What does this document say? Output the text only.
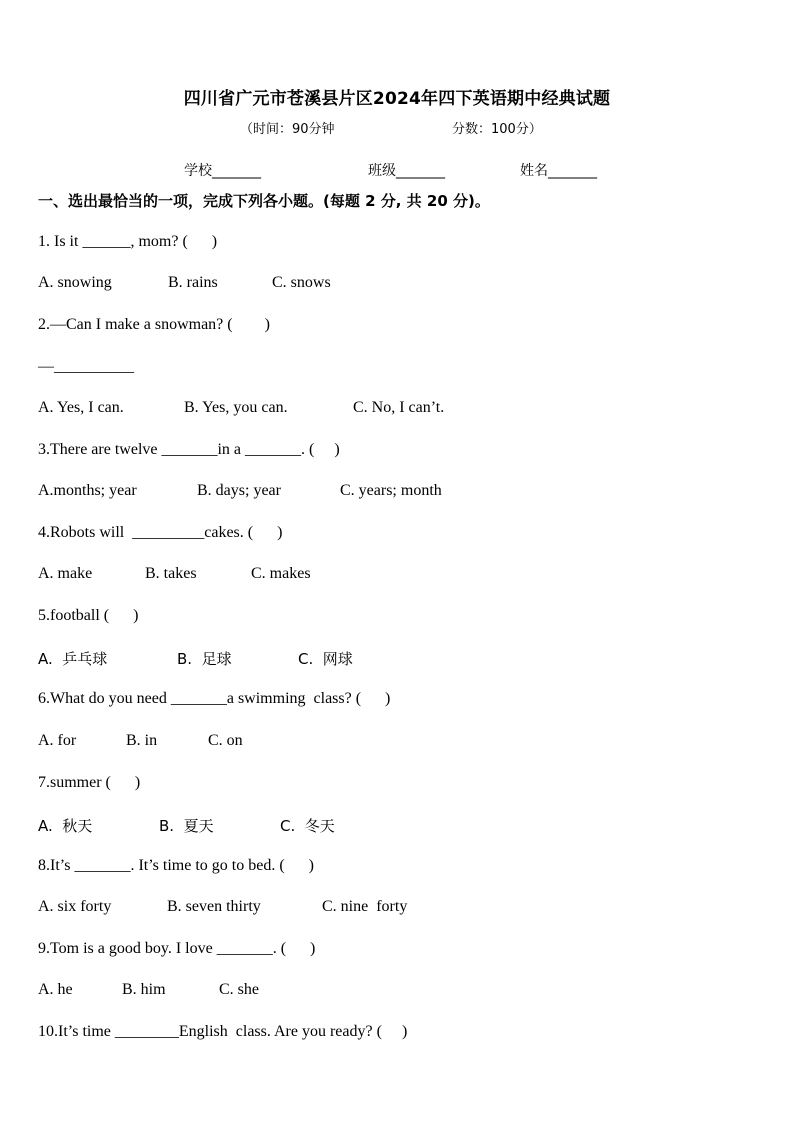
四川省广元市苍溪县片区2024年四下英语期中经典试题
（时间：90分钟	分数：100分）
学校_______	班级_______	姓名_______
一、选出最恰当的一项，完成下列各小题。(每题 2 分, 共 20 分)。
1. Is it ______, mom? (      )
A. snowing	B. rains	C. snows
2.—Can I make a snowman? (        )
—__________
A. Yes, I can.	B. Yes, you can.	C. No, I can’t.
3.There are twelve _______in a _______. (     )
A.months; year	B. days; year	C. years; month
4.Robots will  _________cakes. (      )
A. make	B. takes	C. makes
5.football (      )
A.  乒乓球	B.  足球	C.  网球
6.What do you need _______a swimming  class? (      )
A. for	B. in	C. on
7.summer (      )
A.  秋天	B.  夏天	C.  冬天
8.It’s _______. It’s time to go to bed. (      )
A. six forty	B. seven thirty	C. nine  forty
9.Tom is a good boy. I love _______. (      )
A. he	B. him	C. she
10.It’s time ________English  class. Are you ready? (     )
